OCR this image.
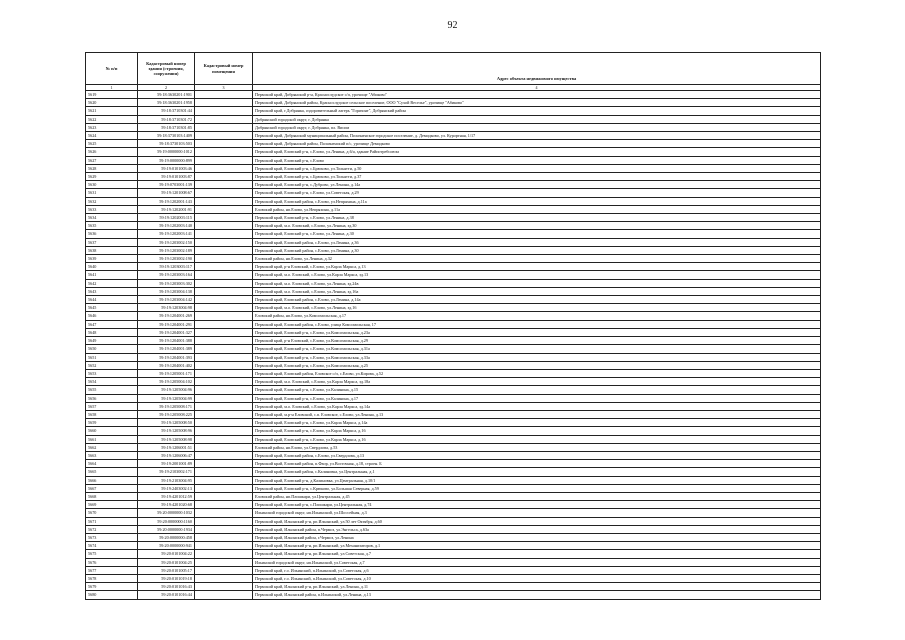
92
№ п/п	Кадастровый номер здания (строения, сооружения)	Кадастровый номер помещения	Адрес объекта недвижимого имущества
1	2	3	4
5619	59:18:3630201:1901		Пермский край, Добрянский р-н, Краснослудское с/п, урочище "Абиково"
5620	59:18:3630201:1958		Пермский край, Добрянский район, Краснослудское сельское поселение, ООО "Сухой Веселье", урочище "Абиково"
5621	59:18:3710301:44		Пермский край, г.Добрянка, оздоровительный лагерь "Горизонт", Добрянский район
5622	59:18:3710301:72		Добрянский городской округ, г. Добрянка
5623	59:18:3710301:85		Добрянский городской округ, г. Добрянка, пл. Висим
5624	59:18:3730103:1409		Пермский край, Добрянский муниципальный район, Полазненское городское поселение, д. Демидково, ул. Курортная, 1/17
5625	59:18:3730103:503		Пермский край, Добрянский район, Полазненский п/с, урочище Демидково
5626	59:19:0000000:1012		Пермский край, Еловский р-н, с.Елово, ул.Ленина, д.6/а, здание Райпотребсоюза
5627	59:19:0000000:899		Пермский край, Еловский р-н, с.Елово
5628	59:19:0101003:46		Пермский край, Еловский р-н, с.Брюхово, ул.Тольятти, д.50
5629	59:19:0101003:87		Пермский край, Еловский р-н, с.Брюхово, ул.Тольятти, д.37
5630	59:19:0703001:139		Пермский край, Еловский р-н, с.Дуброво, ул.Ленина, д.14а
5631	59:19:1201008:67		Пермский край, Еловский р-н, с.Елово, ул.Советская, д.29
5632	59:19:1202001:143		Пермский край, Еловский район, с.Елово, ул.Непряхина, д.11а
5633	59:19:1202001:91		Еловский район, нп.Елово, ул.Непряхина, д.11а
5634	59:19:1202003:115		Пермский край, Еловский р-н, с.Елово, ул.Ленина, д.38
5635	59:19:1202003:140		Пермский край, м.о. Еловский, с.Елово, ул.Ленина, зд.30
5636	59:19:1202003:141		Пермский край, Еловский р-н, с.Елово, ул.Ленина, д.30
5637	59:19:1203002:150		Пермский край, Еловский район, с.Елово, ул.Ленина, д.36
5638	59:19:1203002:189		Пермский край, Еловский район, с.Елово, ул.Ленина, д.30
5639	59:19:1203002:190		Еловский район, нп.Елово, ул.Ленина, д.32
5640	59:19:1203003:117		Пермский край, р-н Еловский, с.Елово, ул.Карла Маркса, д.13
5641	59:19:1203003:164		Пермский край, м.о. Еловский, с.Елово, ул.Карла Маркса, зд.13
5642	59:19:1203003:302		Пермский край, м.о. Еловский, с.Елово, ул.Ленина, зд.24в
5643	59:19:1203004:138		Пермский край, м.о. Еловский, с.Елово, ул.Ленина, зд.16а
5644	59:19:1203004:142		Пермский край, Еловский район, с.Елово, ул.Ленина, д.14а
5645	59:19:1203004:98		Пермский край, м.о. Еловский, с.Елово, ул.Ленина, зд.16
5646	59:19:1204001:269		Еловский район, нп.Елово, ул.Комсомольская, д.17
5647	59:19:1204001:291		Пермский край, Еловский район, с.Елово, улица Комсомольская, 17
5648	59:19:1204001:327		Пермский край, Еловский р-н, с.Елово, ул.Комсомольская, д.23а
5649	59:19:1204001:388		Пермский край, р-н Еловский, с.Елово, ул.Комсомольская, д.29
5650	59:19:1204001:389		Пермский край, Еловский р-н, с.Елово, ул.Комсомольская, д.31а
5651	59:19:1204001:393		Пермский край, Еловский р-н, с.Елово, ул.Комсомольская, д.33а
5652	59:19:1204001:402		Пермский край, Еловский р-н, с.Елово, ул.Комсомольская, д.25
5653	59:19:1205001:171		Пермский край, Еловский район, Еловское с/п, с.Елово, ул.Кирова, д.52
5654	59:19:1205004:102		Пермский край, м.о. Еловский, с.Елово, ул.Карла Маркса, зд.18а
5655	59:19:1205004:96		Пермский край, Еловский р-н, с.Елово, ул.Калинина, д.15
5656	59:19:1205004:99		Пермский край, Еловский р-н, с.Елово, ул.Калинина, д.17
5657	59:19:1205008:171		Пермский край, м.о. Еловский, с.Елово, ул.Карла Маркса, зд.14а
5658	59:19:1205008:225		Пермский край, м.р-н Еловский, с.п. Еловское, с.Елово, ул.Ленина, д.13
5659	59:19:1205008:50		Пермский край, Еловский р-н, с.Елово, ул.Карла Маркса, д.14а
5660	59:19:1205008:96		Пермский край, Еловский р-н, с.Елово, ул.Карла Маркса, д.16
5661	59:19:1205008:98		Пермский край, Еловский р-н, с.Елово, ул.Карла Маркса, д.16
5662	59:19:1206001:51		Еловский район, нп.Елово, ул.Свердлова, д.53
5663	59:19:1206006:47		Пермский край, Еловский район, с.Елово, ул.Свердлова, д.13
5664	59:19:2001001:89		Пермский край, Еловский район, п.Фаор, ул.Восточная, д.18, строен. Б
5665	59:19:2103002:171		Пермский край, Еловский район, с.Калиновка, ул.Центральная, д.1
5666	59:19:2103004:95		Пермский край, Еловский р-н, д.Калиновка, ул.Центральная, д.10/1
5667	59:19:2403002:13		Пермский край, Еловский р-н, с.Крюково, ул.Большая Северная, д.59
5668	59:19:4201012:59		Еловский район, нп.Плишкари, ул.Центральная, д.45
5669	59:19:4201020:68		Пермский край, Еловский р-н, с.Плишкари, ул.Центральная, д.74
5670	59:20:0000000:1032		Ильинский городской округ, нп.Ильинский, ул.Шоссейная, д.3
5671	59:20:0000000:1160		Пермский край, Ильинский р-н, рп.Ильинский, ул.50 лет Октября, д.60
5672	59:20:0000000:1934		Пермский край, Ильинский район, п.Чермоз, ул.Энгельса, д.63а
5673	59:20:0000000:458		Пермский край, Ильинский район, г.Чермоз, ул.Ленина
5674	59:20:0000000:941		Пермский край, Ильинский р-н, рп.Ильинский, ул.Механизаторов, д.1
5675	59:20:0101004:22		Пермский край, Ильинский р-н, рп.Ильинский, ул.Советская, д.7
5676	59:20:0101004:25		Ильинский городской округ, нп.Ильинский, ул.Советская, д.7
5677	59:20:0101005:17		Пермский край, г.о. Ильинский, п.Ильинский, ул.Советская, д.6
5678	59:20:0101019:18		Пермский край, г.о. Ильинский, п.Ильинский, ул.Советская, д.10
5679	59:20:0101016:43		Пермский край, Ильинский р-н, рп.Ильинский, ул.Ленина, д.11
5680	59:20:0101016:44		Пермский край, Ильинский район, п.Ильинский, ул.Ленина, д.13
